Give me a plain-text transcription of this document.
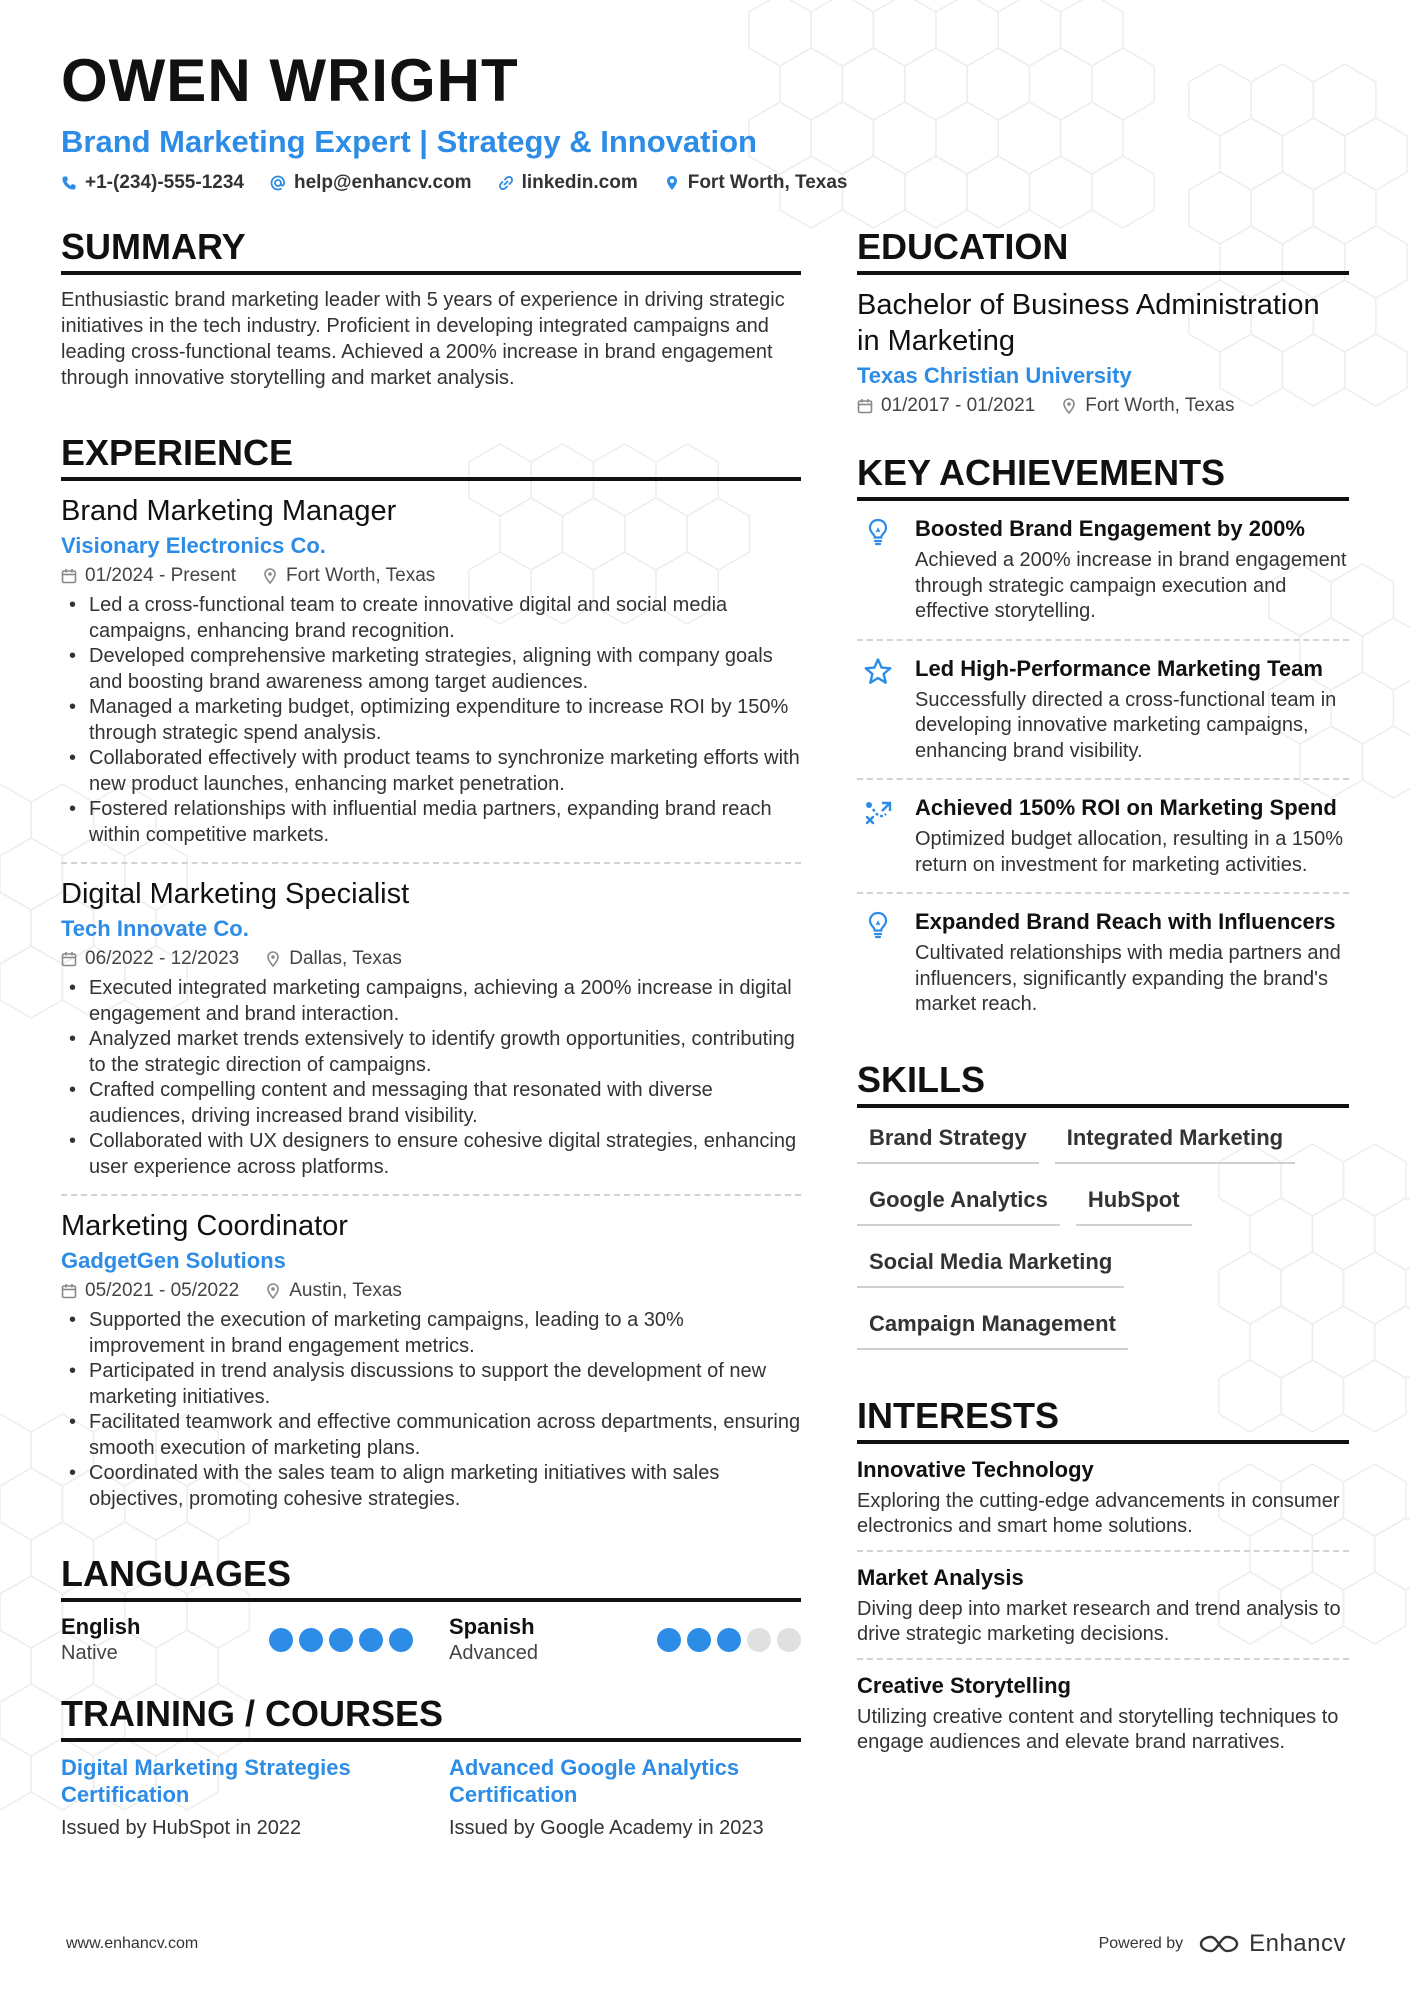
OWEN WRIGHT
Brand Marketing Expert | Strategy & Innovation
+1-(234)-555-1234	help@enhancv.com	linkedin.com	Fort Worth, Texas
SUMMARY
Enthusiastic brand marketing leader with 5 years of experience in driving strategic initiatives in the tech industry. Proficient in developing integrated campaigns and leading cross-functional teams. Achieved a 200% increase in brand engagement through innovative storytelling and market analysis.
EXPERIENCE
Brand Marketing Manager
Visionary Electronics Co.
01/2024 - Present	Fort Worth, Texas
• Led a cross-functional team to create innovative digital and social media campaigns, enhancing brand recognition.
• Developed comprehensive marketing strategies, aligning with company goals and boosting brand awareness among target audiences.
• Managed a marketing budget, optimizing expenditure to increase ROI by 150% through strategic spend analysis.
• Collaborated effectively with product teams to synchronize marketing efforts with new product launches, enhancing market penetration.
• Fostered relationships with influential media partners, expanding brand reach within competitive markets.
Digital Marketing Specialist
Tech Innovate Co.
06/2022 - 12/2023	Dallas, Texas
• Executed integrated marketing campaigns, achieving a 200% increase in digital engagement and brand interaction.
• Analyzed market trends extensively to identify growth opportunities, contributing to the strategic direction of campaigns.
• Crafted compelling content and messaging that resonated with diverse audiences, driving increased brand visibility.
• Collaborated with UX designers to ensure cohesive digital strategies, enhancing user experience across platforms.
Marketing Coordinator
GadgetGen Solutions
05/2021 - 05/2022	Austin, Texas
• Supported the execution of marketing campaigns, leading to a 30% improvement in brand engagement metrics.
• Participated in trend analysis discussions to support the development of new marketing initiatives.
• Facilitated teamwork and effective communication across departments, ensuring smooth execution of marketing plans.
• Coordinated with the sales team to align marketing initiatives with sales objectives, promoting cohesive strategies.
LANGUAGES
English
Native
Spanish
Advanced
TRAINING / COURSES
Digital Marketing Strategies Certification
Issued by HubSpot in 2022
Advanced Google Analytics Certification
Issued by Google Academy in 2023
EDUCATION
Bachelor of Business Administration in Marketing
Texas Christian University
01/2017 - 01/2021	Fort Worth, Texas
KEY ACHIEVEMENTS
Boosted Brand Engagement by 200%
Achieved a 200% increase in brand engagement through strategic campaign execution and effective storytelling.
Led High-Performance Marketing Team
Successfully directed a cross-functional team in developing innovative marketing campaigns, enhancing brand visibility.
Achieved 150% ROI on Marketing Spend
Optimized budget allocation, resulting in a 150% return on investment for marketing activities.
Expanded Brand Reach with Influencers
Cultivated relationships with media partners and influencers, significantly expanding the brand's market reach.
SKILLS
Brand Strategy	Integrated Marketing
Google Analytics	HubSpot
Social Media Marketing
Campaign Management
INTERESTS
Innovative Technology
Exploring the cutting-edge advancements in consumer electronics and smart home solutions.
Market Analysis
Diving deep into market research and trend analysis to drive strategic marketing decisions.
Creative Storytelling
Utilizing creative content and storytelling techniques to engage audiences and elevate brand narratives.
www.enhancv.com	Powered by	Enhancv
